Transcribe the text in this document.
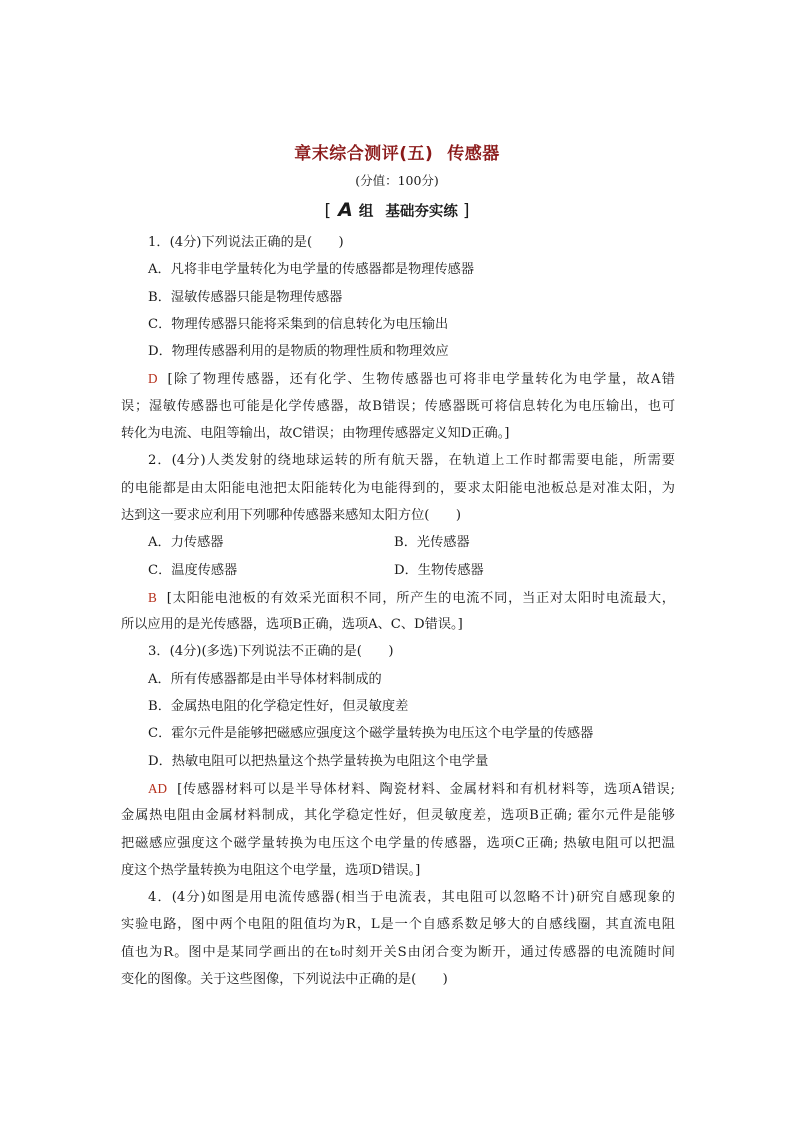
章末综合测评(五) 传感器
(分值：100分)
[ A 组 基础夯实练 ]
1．(4分)下列说法正确的是(　　)
A．凡将非电学量转化为电学量的传感器都是物理传感器
B．湿敏传感器只能是物理传感器
C．物理传感器只能将采集到的信息转化为电压输出
D．物理传感器利用的是物质的物理性质和物理效应
D [除了物理传感器，还有化学、生物传感器也可将非电学量转化为电学量，故A错
误；湿敏传感器也可能是化学传感器，故B错误；传感器既可将信息转化为电压输出，也可
转化为电流、电阻等输出，故C错误；由物理传感器定义知D正确。]
2．(4分)人类发射的绕地球运转的所有航天器，在轨道上工作时都需要电能，所需要
的电能都是由太阳能电池把太阳能转化为电能得到的，要求太阳能电池板总是对准太阳，为
达到这一要求应利用下列哪种传感器来感知太阳方位(　　)
A．力传感器	B．光传感器
C．温度传感器	D．生物传感器
B [太阳能电池板的有效采光面积不同，所产生的电流不同，当正对太阳时电流最大，
所以应用的是光传感器，选项B正确，选项A、C、D错误。]
3．(4分)(多选)下列说法不正确的是(　　)
A．所有传感器都是由半导体材料制成的
B．金属热电阻的化学稳定性好，但灵敏度差
C．霍尔元件是能够把磁感应强度这个磁学量转换为电压这个电学量的传感器
D．热敏电阻可以把热量这个热学量转换为电阻这个电学量
AD [传感器材料可以是半导体材料、陶瓷材料、金属材料和有机材料等，选项A错误;
金属热电阻由金属材料制成，其化学稳定性好，但灵敏度差，选项B正确; 霍尔元件是能够
把磁感应强度这个磁学量转换为电压这个电学量的传感器，选项C正确; 热敏电阻可以把温
度这个热学量转换为电阻这个电学量，选项D错误。]
4．(4分)如图是用电流传感器(相当于电流表，其电阻可以忽略不计)研究自感现象的
实验电路，图中两个电阻的阻值均为R，L是一个自感系数足够大的自感线圈，其直流电阻
值也为R。图中是某同学画出的在t₀时刻开关S由闭合变为断开，通过传感器的电流随时间
变化的图像。关于这些图像，下列说法中正确的是(　　)
